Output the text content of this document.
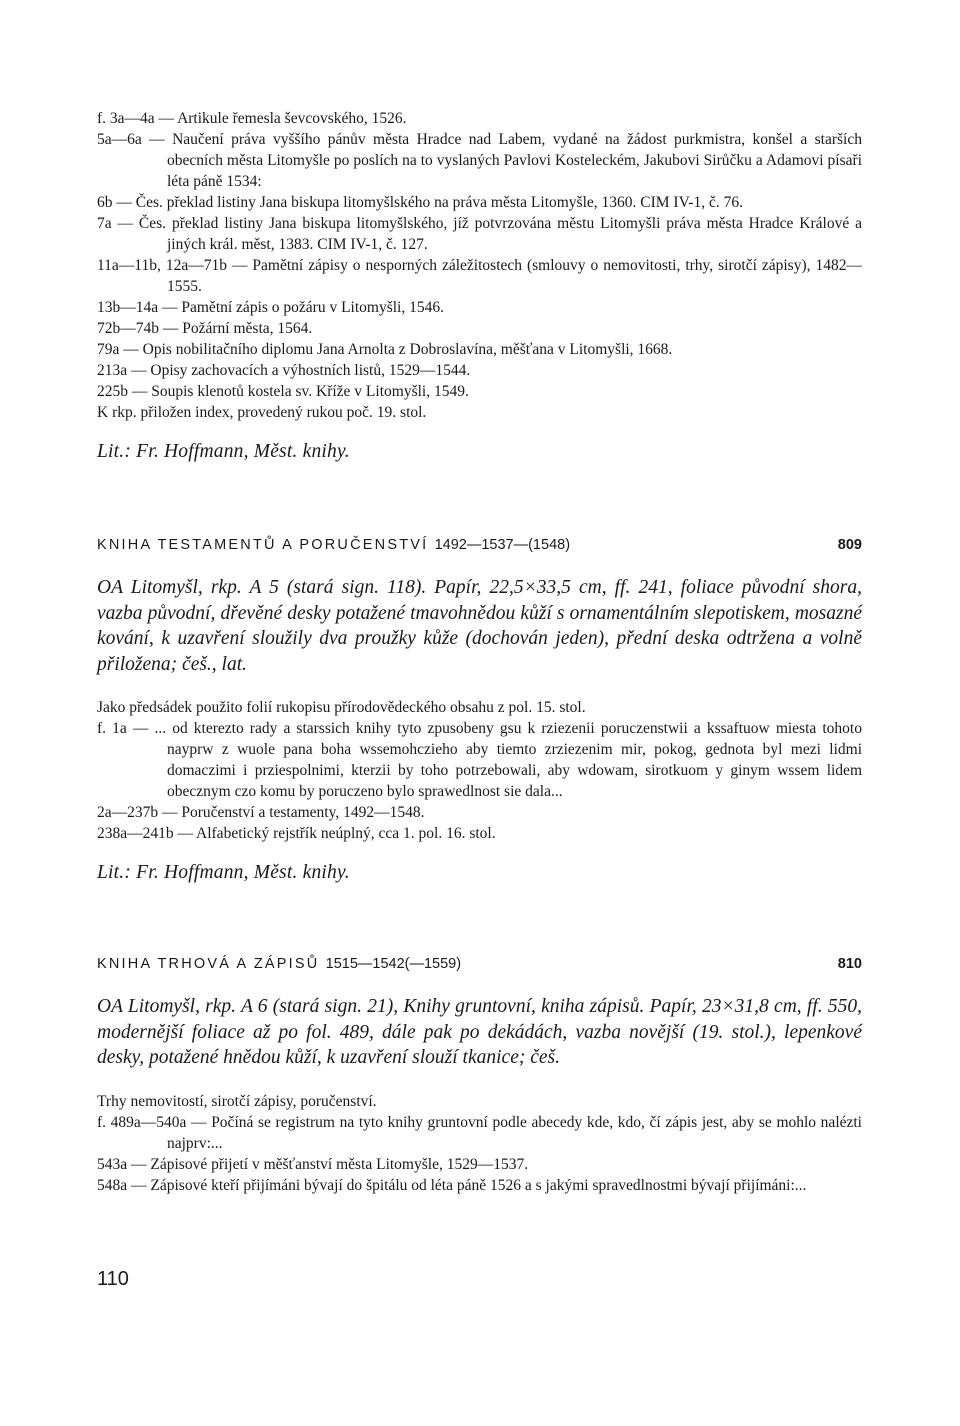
f. 3a—4a — Artikule řemesla ševcovského, 1526.
5a—6a — Naučení práva vyššího pánův města Hradce nad Labem, vydané na žádost purkmistra, konšel a starších obecních města Litomyšle po poslích na to vyslaných Pavlovi Kosteleckém, Jakubovi Sirůčku a Adamovi písaři léta páně 1534:
6b — Čes. překlad listiny Jana biskupa litomyšlského na práva města Litomyšle, 1360. CIM IV-1, č. 76.
7a — Čes. překlad listiny Jana biskupa litomyšlského, jíž potvrzována městu Litomyšli práva města Hradce Králové a jiných král. měst, 1383. CIM IV-1, č. 127.
11a—11b, 12a—71b — Pamětní zápisy o nesporných záležitostech (smlouvy o nemovitosti, trhy, sirotčí zápisy), 1482—1555.
13b—14a — Pamětní zápis o požáru v Litomyšli, 1546.
72b—74b — Požární města, 1564.
79a — Opis nobilitačního diplomu Jana Arnolta z Dobroslavína, měšťana v Litomyšli, 1668.
213a — Opisy zachovacích a výhostních listů, 1529—1544.
225b — Soupis klenotů kostela sv. Kříže v Litomyšli, 1549.
K rkp. přiložen index, provedený rukou poč. 19. stol.
Lit.: Fr. Hoffmann, Měst. knihy.
KNIHA TESTAMENTŮ A PORUČENSTVÍ 1492—1537—(1548)	809
OA Litomyšl, rkp. A 5 (stará sign. 118). Papír, 22,5×33,5 cm, ff. 241, foliace původní shora, vazba původní, dřevěné desky potažené tmavohnědou kůží s ornamentálním slepotiskem, mosazné kování, k uzavření sloužily dva proužky kůže (dochován jeden), přední deska odtržena a volně přiložena; češ., lat.
Jako předsádek použito folií rukopisu přírodovědeckého obsahu z pol. 15. stol.
f. 1a — ... od kterezto rady a starssich knihy tyto zpusobeny gsu k rziezenii poruczenstwii a kssaftuow miesta tohoto nayprw z wuole pana boha wssemohczieho aby tiemto zrziezenim mir, pokog, gednota byl mezi lidmi domaczimi i prziespolnimi, kterzii by toho potrzebowali, aby wdowam, sirotkuom y ginym wssem lidem obecznym czo komu by poruczeno bylo sprawedlnost sie dala...
2a—237b — Poručenství a testamenty, 1492—1548.
238a—241b — Alfabetický rejstřík neúplný, cca 1. pol. 16. stol.
Lit.: Fr. Hoffmann, Měst. knihy.
KNIHA TRHOVÁ A ZÁPISŮ 1515—1542(—1559)	810
OA Litomyšl, rkp. A 6 (stará sign. 21), Knihy gruntovní, kniha zápisů. Papír, 23×31,8 cm, ff. 550, modernější foliace až po fol. 489, dále pak po dekádách, vazba novější (19. stol.), lepenkové desky, potažené hnědou kůží, k uzavření slouží tkanice; češ.
Trhy nemovitostí, sirotčí zápisy, poručenství.
f. 489a—540a — Počíná se registrum na tyto knihy gruntovní podle abecedy kde, kdo, čí zápis jest, aby se mohlo nalézti najprv:...
543a — Zápisové přijetí v měšťanství města Litomyšle, 1529—1537.
548a — Zápisové kteří přijímáni bývají do špitálu od léta páně 1526 a s jakými spravedlnostmi bývají přijímáni:...
110
